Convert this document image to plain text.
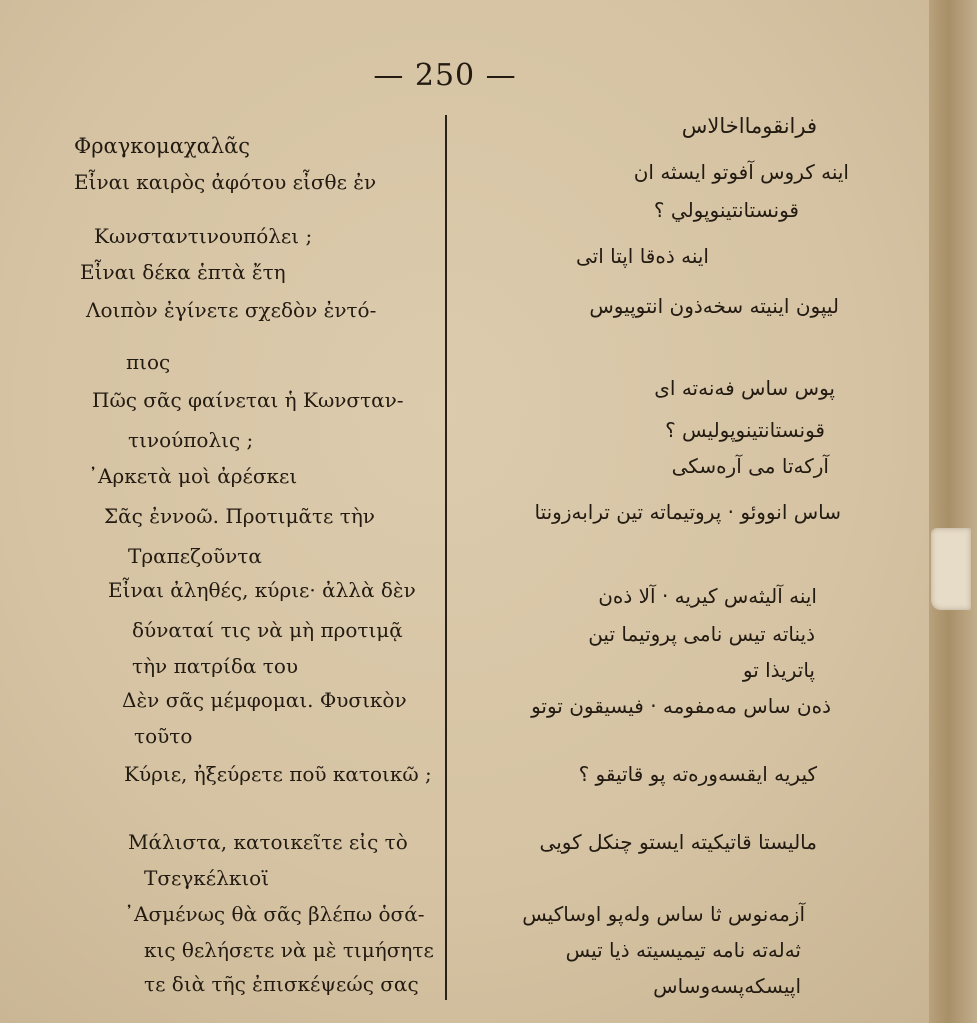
— 250 —
Φραγκομαχαλᾶς
Εἶναι καιρὸς ἀφότου εἶσθε ἐν
Κωνσταντινουπόλει ;
Εἶναι δέκα ἑπτὰ ἔτη
Λοιπὸν ἐγίνετε σχεδὸν ἐντό-
πιος
Πῶς σᾶς φαίνεται ἡ Κωνσταν-
τινούπολις ;
᾿Αρκετὰ μοὶ ἀρέσκει
Σᾶς ἐννοῶ. Προτιμᾶτε τὴν
Τραπεζοῦντα
Εἶναι ἀληθές, κύριε· ἀλλὰ δὲν
δύναταί τις νὰ μὴ προτιμᾷ
τὴν πατρίδα του
Δὲν σᾶς μέμφομαι. Φυσικὸν
τοῦτο
Κύριε, ἠξεύρετε ποῦ κατοικῶ ;
Μάλιστα, κατοικεῖτε εἰς τὸ
Τσεγκέλκιοϊ
᾿Ασμένως θὰ σᾶς βλέπω ὁσά-
κις θελήσετε νὰ μὲ τιμήσητε
τε διὰ τῆς ἐπισκέψεώς σας
فرانقومااخالاس
اينه كروس آفوتو ايسثه ان
قونستانتينوپولي ؟
اينه ذه‌قا اپتا اتى
ليپون اينيته سخه‌ذون انتوپيوس
پوس ساس فه‌نه‌ته اى
قونستانتينوپوليس ؟
آركه‌تا مى آره‌سكى
ساس انووئو · پروتيماته تين ترابه‌زونتا
اينه آليثه‌س كيريه · آلا ذه‌ن
ذيناته تيس نامى پروتيما تين
پاتريذا تو
ذه‌ن ساس مه‌مفومه · فيسيقون توتو
كيريه ايقسه‌وره‌ته پو قاتيقو ؟
ماليستا قاتيكيته ايستو چنكل كويى
آزمه‌نوس ثا ساس وله‌پو اوساكيس
ثه‌له‌ته نامه تيميسيته ذيا تيس
اپيسكه‌پسه‌وساس
